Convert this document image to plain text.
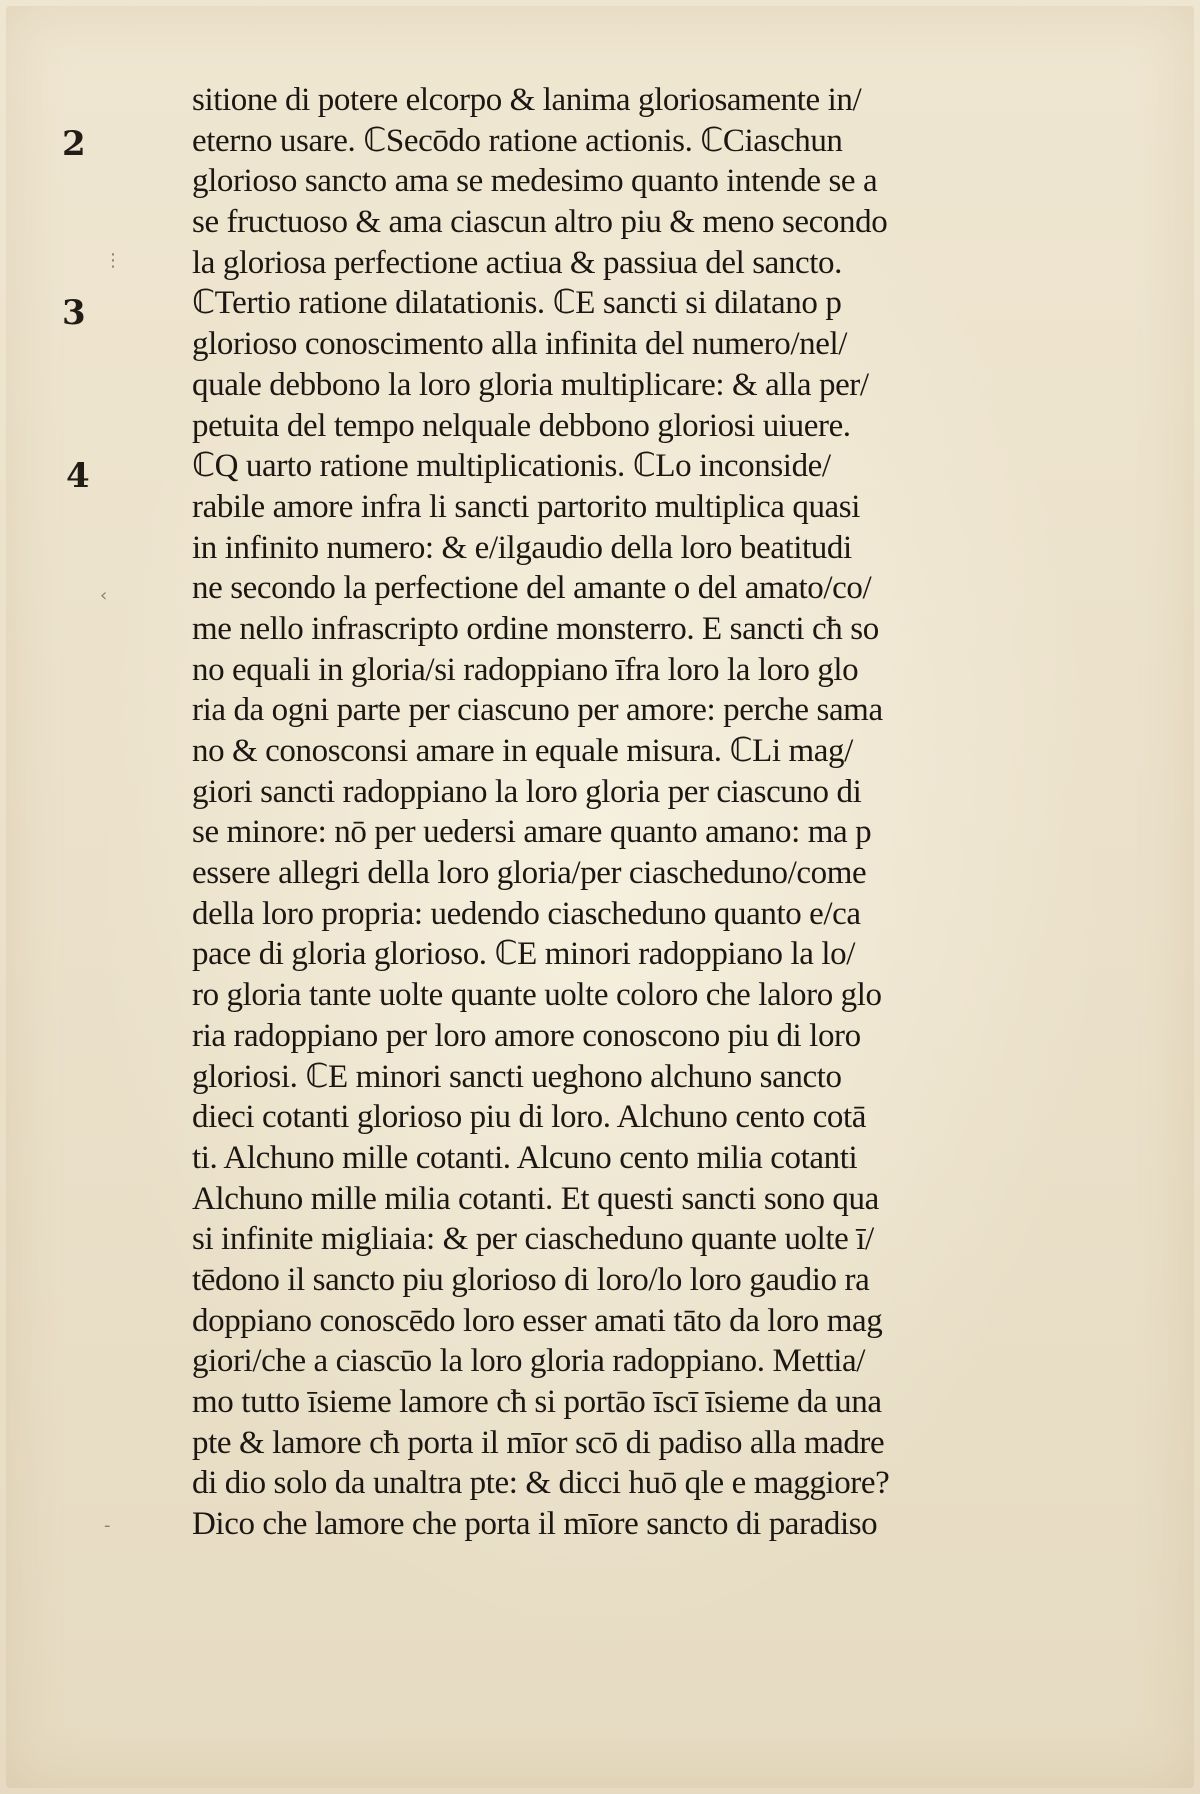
2
3
4
⋮
‹
-
sitione di potere elcorpo & lanima gloriosamente in/
eterno usare. ℂSecōdo ratione actionis. ℂCiaschun
glorioso sancto ama se medesimo quanto intende se a
se fructuoso & ama ciascun altro piu & meno secondo
la gloriosa perfectione actiua & passiua del sancto.
ℂTertio ratione dilatationis. ℂE sancti si dilatano p
glorioso conoscimento alla infinita del numero/nel/
quale debbono la loro gloria multiplicare: & alla per/
petuita del tempo nelquale debbono gloriosi uiuere.
ℂQ uarto ratione multiplicationis. ℂLo inconside/
rabile amore infra li sancti partorito multiplica quasi
in infinito numero: & e/ilgaudio della loro beatitudi
ne secondo la perfectione del amante o del amato/co/
me nello infrascripto ordine monsterro. E sancti cħ so
no equali in gloria/si radoppiano īfra loro la loro glo
ria da ogni parte per ciascuno per amore: perche sama
no & conosconsi amare in equale misura. ℂLi mag/
giori sancti radoppiano la loro gloria per ciascuno di
se minore: nō per uedersi amare quanto amano: ma p
essere allegri della loro gloria/per ciascheduno/come
della loro propria: uedendo ciascheduno quanto e/ca
pace di gloria glorioso. ℂE minori radoppiano la lo/
ro gloria tante uolte quante uolte coloro che laloro glo
ria radoppiano per loro amore conoscono piu di loro
gloriosi. ℂE minori sancti ueghono alchuno sancto
dieci cotanti glorioso piu di loro. Alchuno cento cotā
ti. Alchuno mille cotanti. Alcuno cento milia cotanti
Alchuno mille milia cotanti. Et questi sancti sono qua
si infinite migliaia: & per ciascheduno quante uolte ī/
tēdono il sancto piu glorioso di loro/lo loro gaudio ra
doppiano conoscēdo loro esser amati tāto da loro mag
giori/che a ciascūo la loro gloria radoppiano. Mettia/
mo tutto īsieme lamore cħ si portāo īscī īsieme da una
pte & lamore cħ porta il mīor scō di padiso alla madre
di dio solo da unaltra pte: & dicci huō qle e maggiore?
Dico che lamore che porta il mīore sancto di paradiso
